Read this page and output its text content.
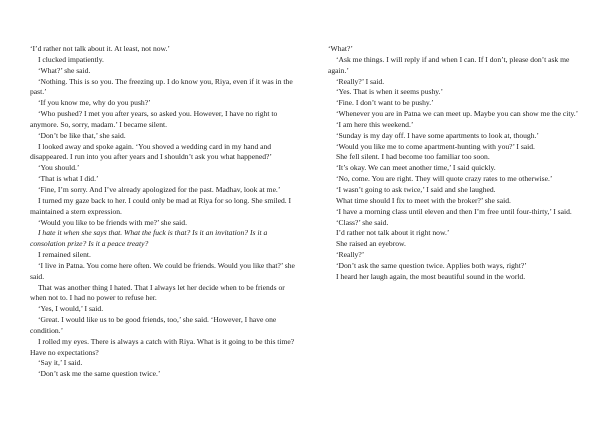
‘I’d rather not talk about it. At least, not now.’

I clucked impatiently.

‘What?’ she said.

‘Nothing. This is so you. The freezing up. I do know you, Riya, even if it was in the past.’

‘If you know me, why do you push?’

‘Who pushed? I met you after years, so asked you. However, I have no right to anymore. So, sorry, madam.’ I became silent.

‘Don’t be like that,’ she said.

I looked away and spoke again. ‘You shoved a wedding card in my hand and disappeared. I run into you after years and I shouldn’t ask you what happened?’

‘You should.’

‘That is what I did.’

‘Fine, I’m sorry. And I’ve already apologized for the past. Madhav, look at me.’

I turned my gaze back to her. I could only be mad at Riya for so long. She smiled. I maintained a stern expression.

‘Would you like to be friends with me?’ she said.

I hate it when she says that. What the fuck is that? Is it an invitation? Is it a consolation prize? Is it a peace treaty?

I remained silent.

‘I live in Patna. You come here often. We could be friends. Would you like that?’ she said.

That was another thing I hated. That I always let her decide when to be friends or when not to. I had no power to refuse her.

‘Yes, I would,’ I said.

‘Great. I would like us to be good friends, too,’ she said. ‘However, I have one condition.’

I rolled my eyes. There is always a catch with Riya. What is it going to be this time? Have no expectations?

‘Say it,’ I said.

‘Don’t ask me the same question twice.’

‘What?’

‘Ask me things. I will reply if and when I can. If I don’t, please don’t ask me again.’

‘Really?’ I said.

‘Yes. That is when it seems pushy.’

‘Fine. I don’t want to be pushy.’

‘Whenever you are in Patna we can meet up. Maybe you can show me the city.’

‘I am here this weekend.’

‘Sunday is my day off. I have some apartments to look at, though.’

‘Would you like me to come apartment-hunting with you?’ I said.

She fell silent. I had become too familiar too soon.

‘It’s okay. We can meet another time,’ I said quickly.

‘No, come. You are right. They will quote crazy rates to me otherwise.’

‘I wasn’t going to ask twice,’ I said and she laughed.

What time should I fix to meet with the broker?’ she said.

‘I have a morning class until eleven and then I’m free until four-thirty,’ I said.

‘Class?’ she said.

I’d rather not talk about it right now.’

She raised an eyebrow.

‘Really?’

‘Don’t ask the same question twice. Applies both ways, right?’

I heard her laugh again, the most beautiful sound in the world.
